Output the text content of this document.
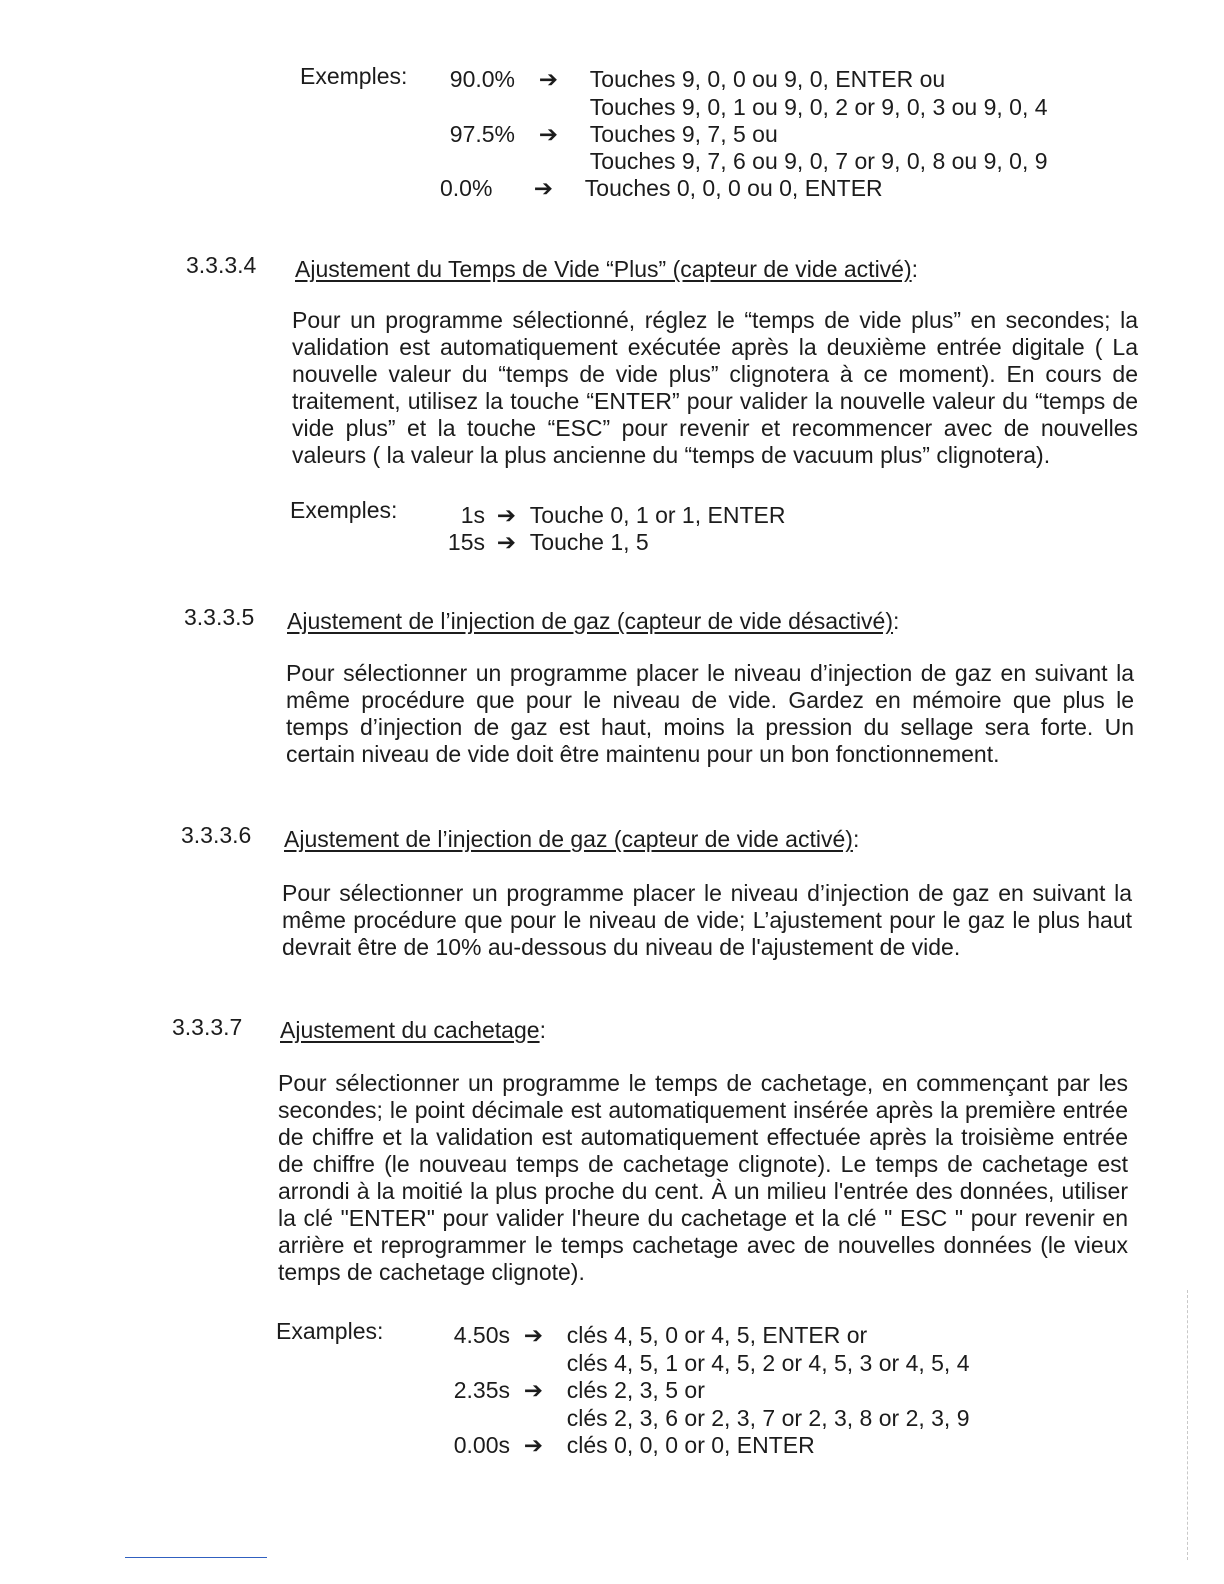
Exemples:	90.0% ➔ Touches 9, 0, 0 ou 9, 0, ENTER ou
Touches 9, 0, 1 ou 9, 0, 2 or 9, 0, 3 ou 9, 0, 4
97.5% ➔ Touches 9, 7, 5 ou
Touches 9, 7, 6 ou 9, 0, 7 or 9, 0, 8 ou 9, 0, 9
0.0% ➔ Touches 0, 0, 0 ou 0, ENTER
3.3.3.4 Ajustement du Temps de Vide “Plus” (capteur de vide activé):
Pour un programme sélectionné, réglez le “temps de vide plus” en secondes; la validation est automatiquement exécutée après la deuxième entrée digitale ( La nouvelle valeur du “temps de vide plus” clignotera à ce moment). En cours de traitement, utilisez la touche “ENTER” pour valider la nouvelle valeur du “temps de vide plus” et la touche “ESC” pour revenir et recommencer avec de nouvelles valeurs ( la valeur la plus ancienne du “temps de vacuum plus” clignotera).
Exemples:	1s ➔ Touche 0, 1 or 1, ENTER
15s ➔ Touche 1, 5
3.3.3.5 Ajustement de l’injection de gaz (capteur de vide désactivé):
Pour sélectionner un programme placer le niveau d’injection de gaz en suivant la même procédure que pour le niveau de vide. Gardez en mémoire que plus le temps d’injection de gaz est haut, moins la pression du sellage sera forte. Un certain niveau de vide doit être maintenu pour un bon fonctionnement.
3.3.3.6 Ajustement de l’injection de gaz (capteur de vide activé):
Pour sélectionner un programme placer le niveau d’injection de gaz en suivant la même procédure que pour le niveau de vide; L’ajustement pour le gaz le plus haut devrait être de 10% au-dessous du niveau de l'ajustement de vide.
3.3.3.7 Ajustement du cachetage:
Pour sélectionner un programme le temps de cachetage, en commençant par les secondes; le point décimale est automatiquement insérée après la première entrée de chiffre et la validation est automatiquement effectuée après la troisième entrée de chiffre (le nouveau temps de cachetage clignote). Le temps de cachetage est arrondi à la moitié la plus proche du cent. À un milieu l'entrée des données, utiliser la clé "ENTER" pour valider l'heure du cachetage et la clé " ESC " pour revenir en arrière et reprogrammer le temps cachetage avec de nouvelles données (le vieux temps de cachetage clignote).
Examples:	4.50s ➔ clés 4, 5, 0 or 4, 5, ENTER or
clés 4, 5, 1 or 4, 5, 2 or 4, 5, 3 or 4, 5, 4
2.35s ➔ clés 2, 3, 5 or
clés 2, 3, 6 or 2, 3, 7 or 2, 3, 8 or 2, 3, 9
0.00s ➔ clés 0, 0, 0 or 0, ENTER
